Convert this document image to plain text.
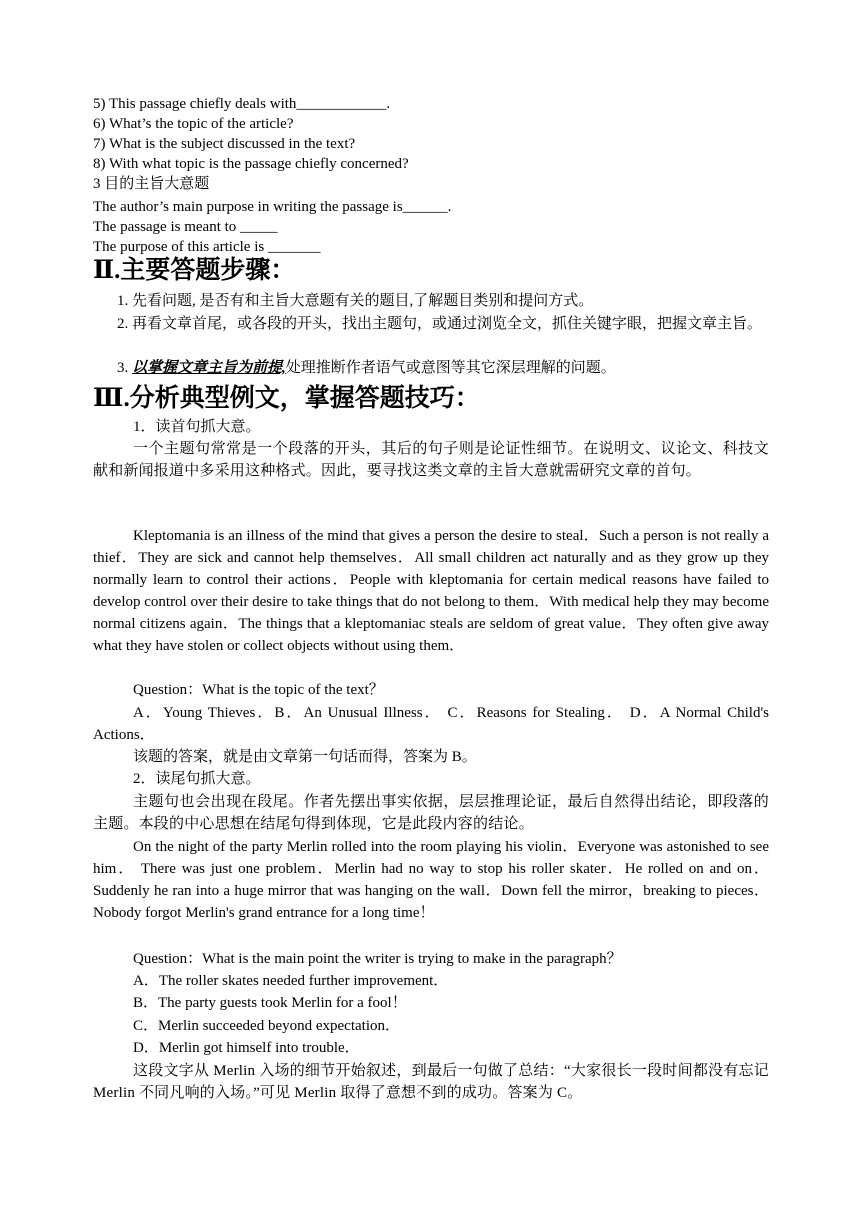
5) This passage chiefly deals with____________.
6) What’s the topic of the article?
7) What is the subject discussed in the text?
8) With what topic is the passage chiefly concerned?
3 目的主旨大意题
The author’s main purpose in writing the passage is______.
The passage is meant to _____
The purpose of this article is _______
Ⅱ.主要答题步骤：
1. 先看问题, 是否有和主旨大意题有关的题目,了解题目类别和提问方式。
2. 再看文章首尾，或各段的开头，找出主题句，或通过浏览全文，抓住关键字眼，把握文章主旨。
3. 以掌握文章主旨为前提,处理推断作者语气或意图等其它深层理解的问题。
Ⅲ.分析典型例文，掌握答题技巧：
1．读首句抓大意。
一个主题句常常是一个段落的开头，其后的句子则是论证性细节。在说明文、议论文、科技文献和新闻报道中多采用这种格式。因此，要寻找这类文章的主旨大意就需研究文章的首句。
Kleptomania is an illness of the mind that gives a person the desire to steal．Such a person is not really a thief．They are sick and cannot help themselves．All small children act naturally and as they grow up they normally learn to control their actions．People with kleptomania for certain medical reasons have failed to develop control over their desire to take things that do not belong to them．With medical help they may become normal citizens again．The things that a kleptomaniac steals are seldom of great value．They often give away what they have stolen or collect objects without using them．
Question：What is the topic of the text？
A．Young Thieves．B．An Unusual Illness． C．Reasons for Stealing． D．A Normal Child's Actions．
该题的答案，就是由文章第一句话而得，答案为 B。
2．读尾句抓大意。
主题句也会出现在段尾。作者先摆出事实依据，层层推理论证，最后自然得出结论，即段落的主题。本段的中心思想在结尾句得到体现，它是此段内容的结论。
On the night of the party Merlin rolled into the room playing his violin．Everyone was astonished to see him． There was just one problem．Merlin had no way to stop his roller skater．He rolled on and on．Suddenly he ran into a huge mirror that was hanging on the wall．Down fell the mirror，breaking to pieces．Nobody forgot Merlin's grand entrance for a long time！
Question：What is the main point the writer is trying to make in the paragraph？
A．The roller skates needed further improvement．
B．The party guests took Merlin for a fool！
C．Merlin succeeded beyond expectation．
D．Merlin got himself into trouble．
这段文字从 Merlin 入场的细节开始叙述，到最后一句做了总结：“大家很长一段时间都没有忘记 Merlin 不同凡响的入场。”可见 Merlin 取得了意想不到的成功。答案为 C。
